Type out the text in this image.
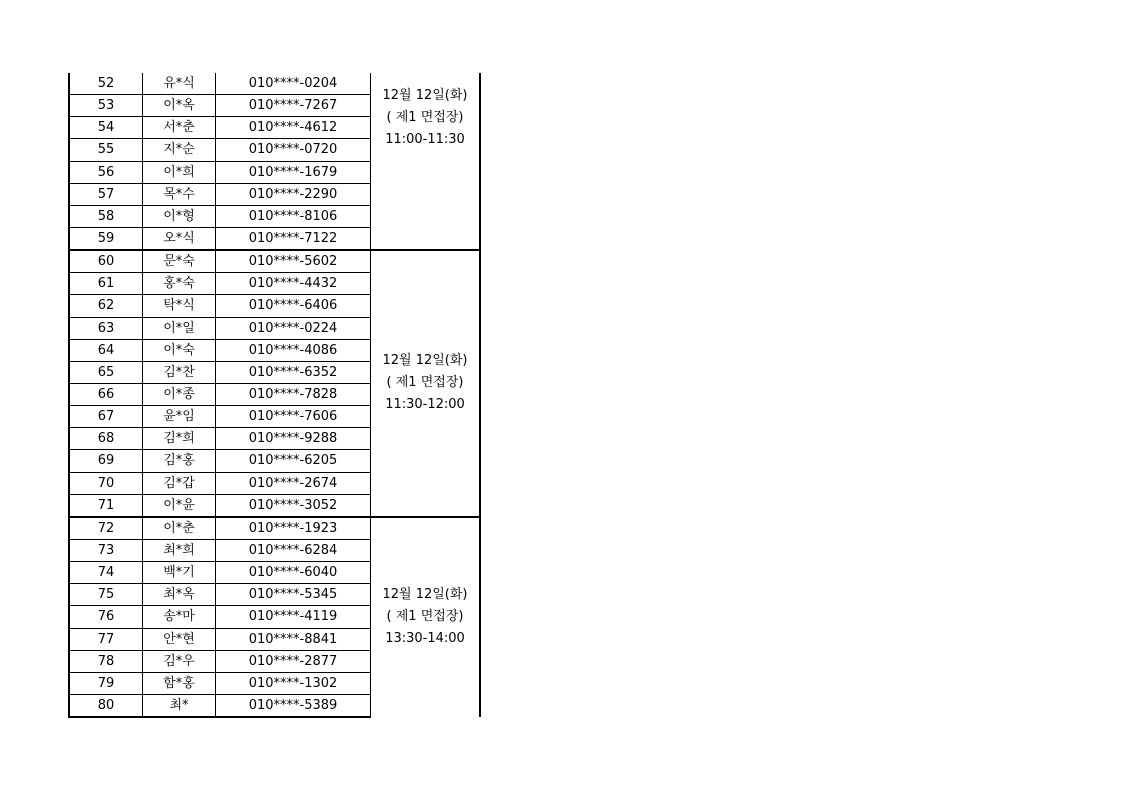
52	유*식	010****-0204	12월 12일(화)
( 제1 면접장)
11:00-11:30

53	이*옥	010****-7267	
54	서*춘	010****-4612	
55	지*순	010****-0720	
56	이*희	010****-1679	
57	목*수	010****-2290	
58	이*형	010****-8106	
59	오*식	010****-7122	
60	문*숙	010****-5602	12월 12일(화)
( 제1 면접장)
11:30-12:00

61	홍*숙	010****-4432	
62	탁*식	010****-6406	
63	이*일	010****-0224	
64	이*숙	010****-4086	
65	김*찬	010****-6352	
66	이*종	010****-7828	
67	윤*임	010****-7606	
68	김*희	010****-9288	
69	김*홍	010****-6205	
70	김*갑	010****-2674	
71	이*윤	010****-3052	
72	이*춘	010****-1923	12월 12일(화)
( 제1 면접장)
13:30-14:00

73	최*희	010****-6284	
74	백*기	010****-6040	
75	최*옥	010****-5345	
76	송*마	010****-4119	
77	안*현	010****-8841	
78	김*우	010****-2877	
79	함*홍	010****-1302	
80	최*	010****-5389	
